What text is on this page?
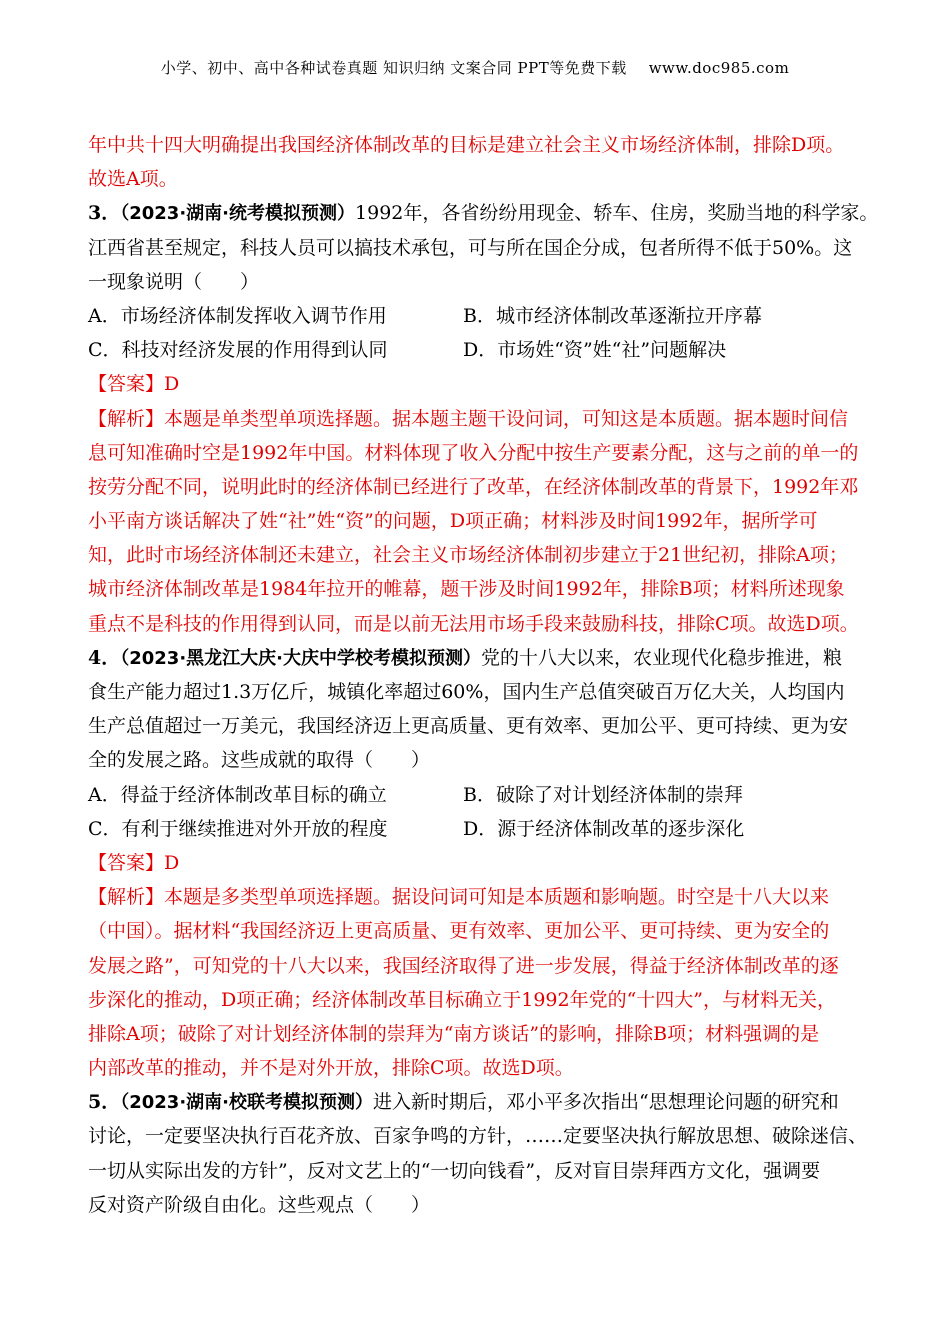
小学、初中、高中各种试卷真题 知识归纳 文案合同 PPT等免费下载 www.doc985.com
年中共十四大明确提出我国经济体制改革的目标是建立社会主义市场经济体制，排除D项。
故选A项。
3．（2023·湖南·统考模拟预测）1992年，各省纷纷用现金、轿车、住房，奖励当地的科学家。
江西省甚至规定，科技人员可以搞技术承包，可与所在国企分成，包者所得不低于50%。这
一现象说明（　　）
A．市场经济体制发挥收入调节作用	B．城市经济体制改革逐渐拉开序幕
C．科技对经济发展的作用得到认同	D．市场姓“资”姓“社”问题解决
【答案】D
【解析】本题是单类型单项选择题。据本题主题干设问词，可知这是本质题。据本题时间信
息可知准确时空是1992年中国。材料体现了收入分配中按生产要素分配，这与之前的单一的
按劳分配不同，说明此时的经济体制已经进行了改革，在经济体制改革的背景下，1992年邓
小平南方谈话解决了姓“社”姓“资”的问题，D项正确；材料涉及时间1992年，据所学可
知，此时市场经济体制还未建立，社会主义市场经济体制初步建立于21世纪初，排除A项；
城市经济体制改革是1984年拉开的帷幕，题干涉及时间1992年，排除B项；材料所述现象
重点不是科技的作用得到认同，而是以前无法用市场手段来鼓励科技，排除C项。故选D项。
4．（2023·黑龙江大庆·大庆中学校考模拟预测）党的十八大以来，农业现代化稳步推进，粮
食生产能力超过1.3万亿斤，城镇化率超过60%，国内生产总值突破百万亿大关，人均国内
生产总值超过一万美元，我国经济迈上更高质量、更有效率、更加公平、更可持续、更为安
全的发展之路。这些成就的取得（　　）
A．得益于经济体制改革目标的确立	B．破除了对计划经济体制的崇拜
C．有利于继续推进对外开放的程度	D．源于经济体制改革的逐步深化
【答案】D
【解析】本题是多类型单项选择题。据设问词可知是本质题和影响题。时空是十八大以来
（中国）。据材料“我国经济迈上更高质量、更有效率、更加公平、更可持续、更为安全的
发展之路”，可知党的十八大以来，我国经济取得了进一步发展，得益于经济体制改革的逐
步深化的推动，D项正确；经济体制改革目标确立于1992年党的“十四大”，与材料无关，
排除A项；破除了对计划经济体制的崇拜为“南方谈话”的影响，排除B项；材料强调的是
内部改革的推动，并不是对外开放，排除C项。故选D项。
5．（2023·湖南·校联考模拟预测）进入新时期后，邓小平多次指出“思想理论问题的研究和
讨论，一定要坚决执行百花齐放、百家争鸣的方针，……定要坚决执行解放思想、破除迷信、
一切从实际出发的方针”，反对文艺上的“一切向钱看”，反对盲目崇拜西方文化，强调要
反对资产阶级自由化。这些观点（　　）
